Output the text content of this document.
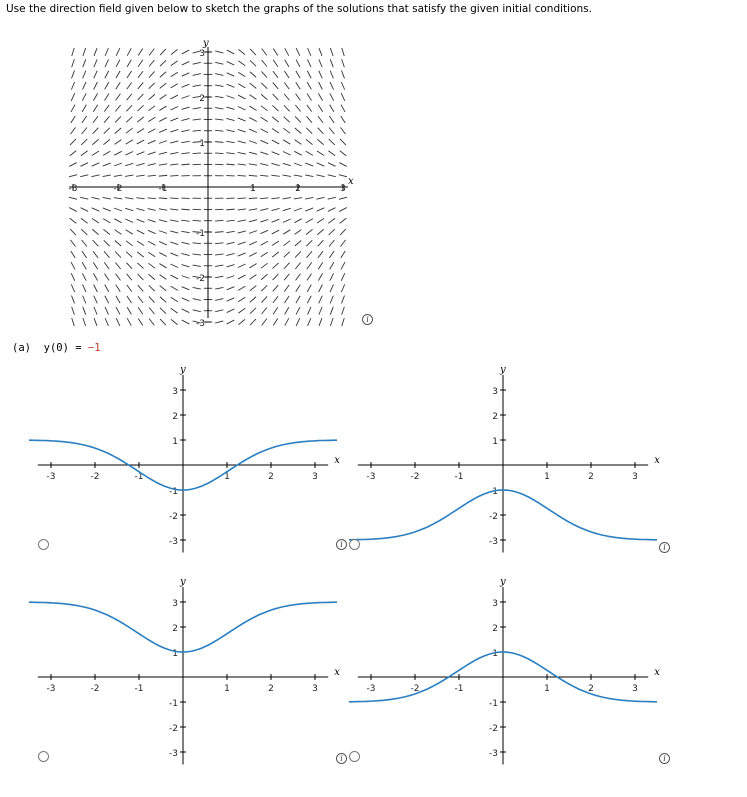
Use the direction field given below to sketch the graphs of the solutions that satisfy the given initial conditions.
x
y
-3	-2	-1	1	2	3
-3
-2
-1
1
2
3
i
(a) y(0) = −1
x
y
-3	-2	-1	1	2	3
-3
-2
-1
1
2
3
x
y
-3	-2	-1	1	2	3
-3
-2
-1
1
2
3
x
y
-3	-2	-1	1	2	3
-1
-2
-3
1
2
3
x
y
-3	-2	-1	1	2	3
-1
-2
-3
1
2
3
i	i
i	i
